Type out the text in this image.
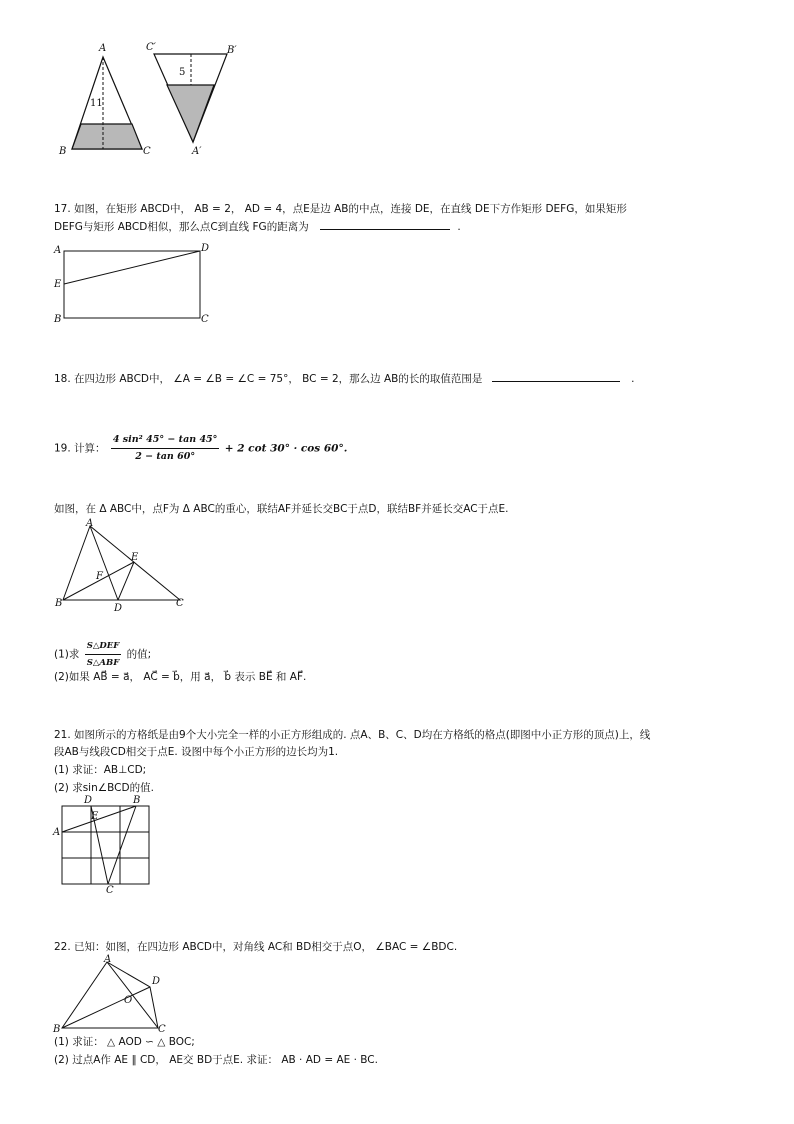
A
B	C
11
C′	B′
A′
5
17. 如图，在矩形 ABCD中， AB = 2， AD = 4，点E是边 AB的中点，连接 DE，在直线 DE下方作矩形 DEFG，如果矩形
DEFG与矩形 ABCD相似，那么点C到直线 FG的距离为	.
A	D
E
B	C
18. 在四边形 ABCD中， ∠A = ∠B = ∠C = 75°， BC = 2，那么边 AB的长的取值范围是	.
19. 计算： $\frac{\text{4 sin² 45° − tan 45°}}{2 - \tan 60^\circ} + 2$ cot 30° · cos 60°.
如图，在 Δ ABC中，点F为 Δ ABC的重心，联结AF并延长交BC于点D，联结BF并延长交AC于点E.
A
E
F
B	D	C
(1)求 $\frac{\text{S△DEF}}{\text{S△ABF}}$ 的值;
(2)如果 AB⃗ = a⃗， AC⃗ = b⃗，用 a⃗， b⃗ 表示 BE⃗ 和 AF⃗.
21. 如图所示的方格纸是由9个大小完全一样的小正方形组成的. 点A、B、C、D均在方格纸的格点(即图中小正方形的顶点)上，线
段AB与线段CD相交于点E. 设图中每个小正方形的边长均为1.
(1) 求证：AB⊥CD;
(2) 求sin∠BCD的值.
D	B
E
A
C
22. 已知：如图，在四边形 ABCD中，对角线 AC和 BD相交于点O， ∠BAC = ∠BDC.
A
D
O
B	C
(1) 求证： △ AOD ∽ △ BOC;
(2) 过点A作 AE ∥ CD， AE交 BD于点E. 求证： AB · AD = AE · BC.
